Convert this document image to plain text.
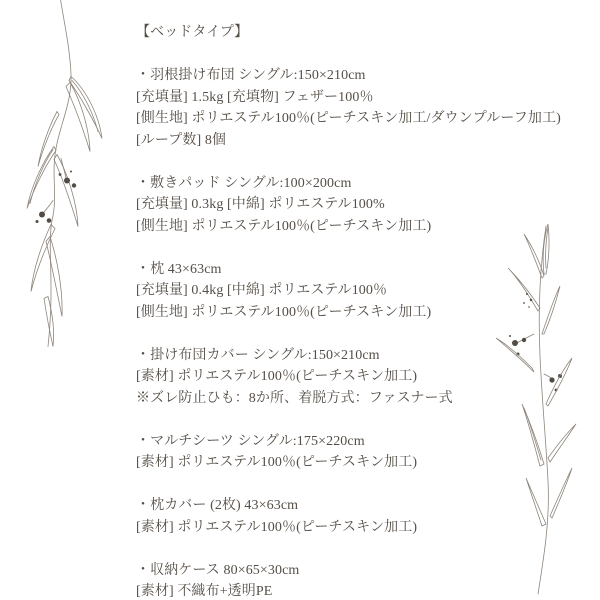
【ベッドタイプ】
・羽根掛け布団 シングル:150×210cm
[充填量] 1.5kg [充填物] フェザー100％
[側生地] ポリエステル100％(ピーチスキン加工/ダウンプルーフ加工)
[ループ数] 8個
・敷きパッド シングル:100×200cm
[充填量] 0.3kg [中綿] ポリエステル100%
[側生地] ポリエステル100％(ピーチスキン加工)
・枕 43×63cm
[充填量] 0.4kg [中綿] ポリエステル100％
[側生地] ポリエステル100％(ピーチスキン加工)
・掛け布団カバー シングル:150×210cm
[素材] ポリエステル100％(ピーチスキン加工)
※ズレ防止ひも：8か所、着脱方式：ファスナー式
・マルチシーツ シングル:175×220cm
[素材] ポリエステル100％(ピーチスキン加工)
・枕カバー (2枚) 43×63cm
[素材] ポリエステル100％(ピーチスキン加工)
・収納ケース 80×65×30cm
[素材] 不織布+透明PE
